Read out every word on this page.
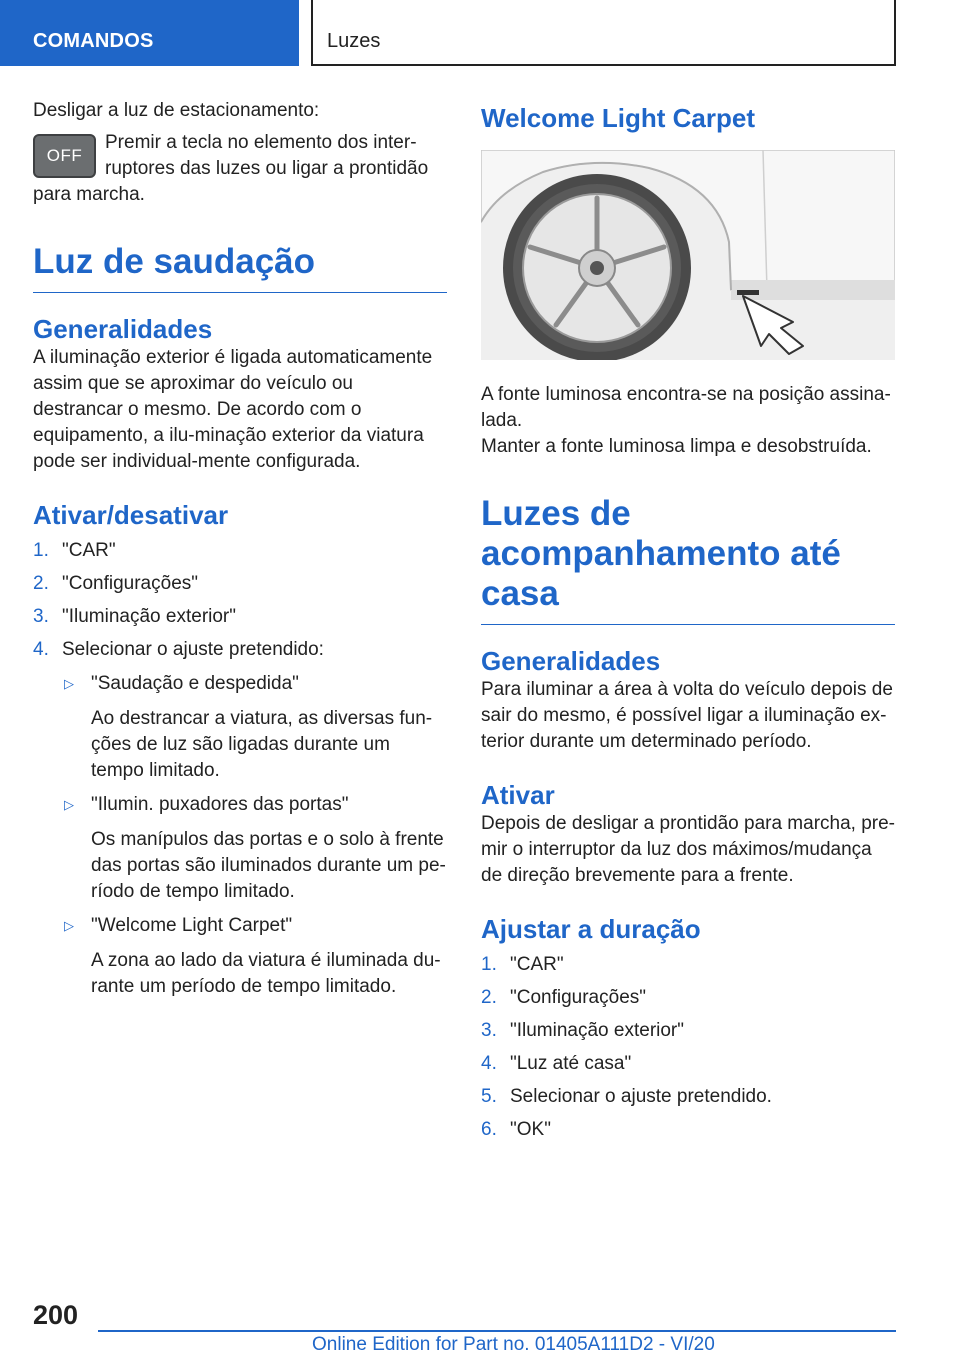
COMANDOS	Luzes

Desligar a luz de estacionamento:

OFF

Premir a tecla no elemento dos inter-ruptores das luzes ou ligar a prontidão para marcha.

Luz de saudação
Generalidades

A iluminação exterior é ligada automaticamente assim que se aproximar do veículo ou destrancar o mesmo. De acordo com o equipamento, a ilu-minação exterior da viatura pode ser individual-mente configurada.

Ativar/desativar
1. "CAR"
2. "Configurações"
3. "Iluminação exterior"
4. Selecionar o ajuste pretendido:
▷ "Saudação e despedida"
Ao destrancar a viatura, as diversas fun-ções de luz são ligadas durante um tempo limitado.
▷ "Ilumin. puxadores das portas"
Os manípulos das portas e o solo à frente das portas são iluminados durante um pe-ríodo de tempo limitado.
▷ "Welcome Light Carpet"
A zona ao lado da viatura é iluminada du-rante um período de tempo limitado.
Welcome Light Carpet

A fonte luminosa encontra-se na posição assina-lada.

Manter a fonte luminosa limpa e desobstruída.

Luzes de acompanhamento até casa
Generalidades

Para iluminar a área à volta do veículo depois de sair do mesmo, é possível ligar a iluminação ex-terior durante um determinado período.

Ativar

Depois de desligar a prontidão para marcha, pre-mir o interruptor da luz dos máximos/mudança de direção brevemente para a frente.

Ajustar a duração
1. "CAR"
2. "Configurações"
3. "Iluminação exterior"
4. "Luz até casa"
5. Selecionar o ajuste pretendido.
6. "OK"
200
Online Edition for Part no. 01405A111D2 - VI/20
